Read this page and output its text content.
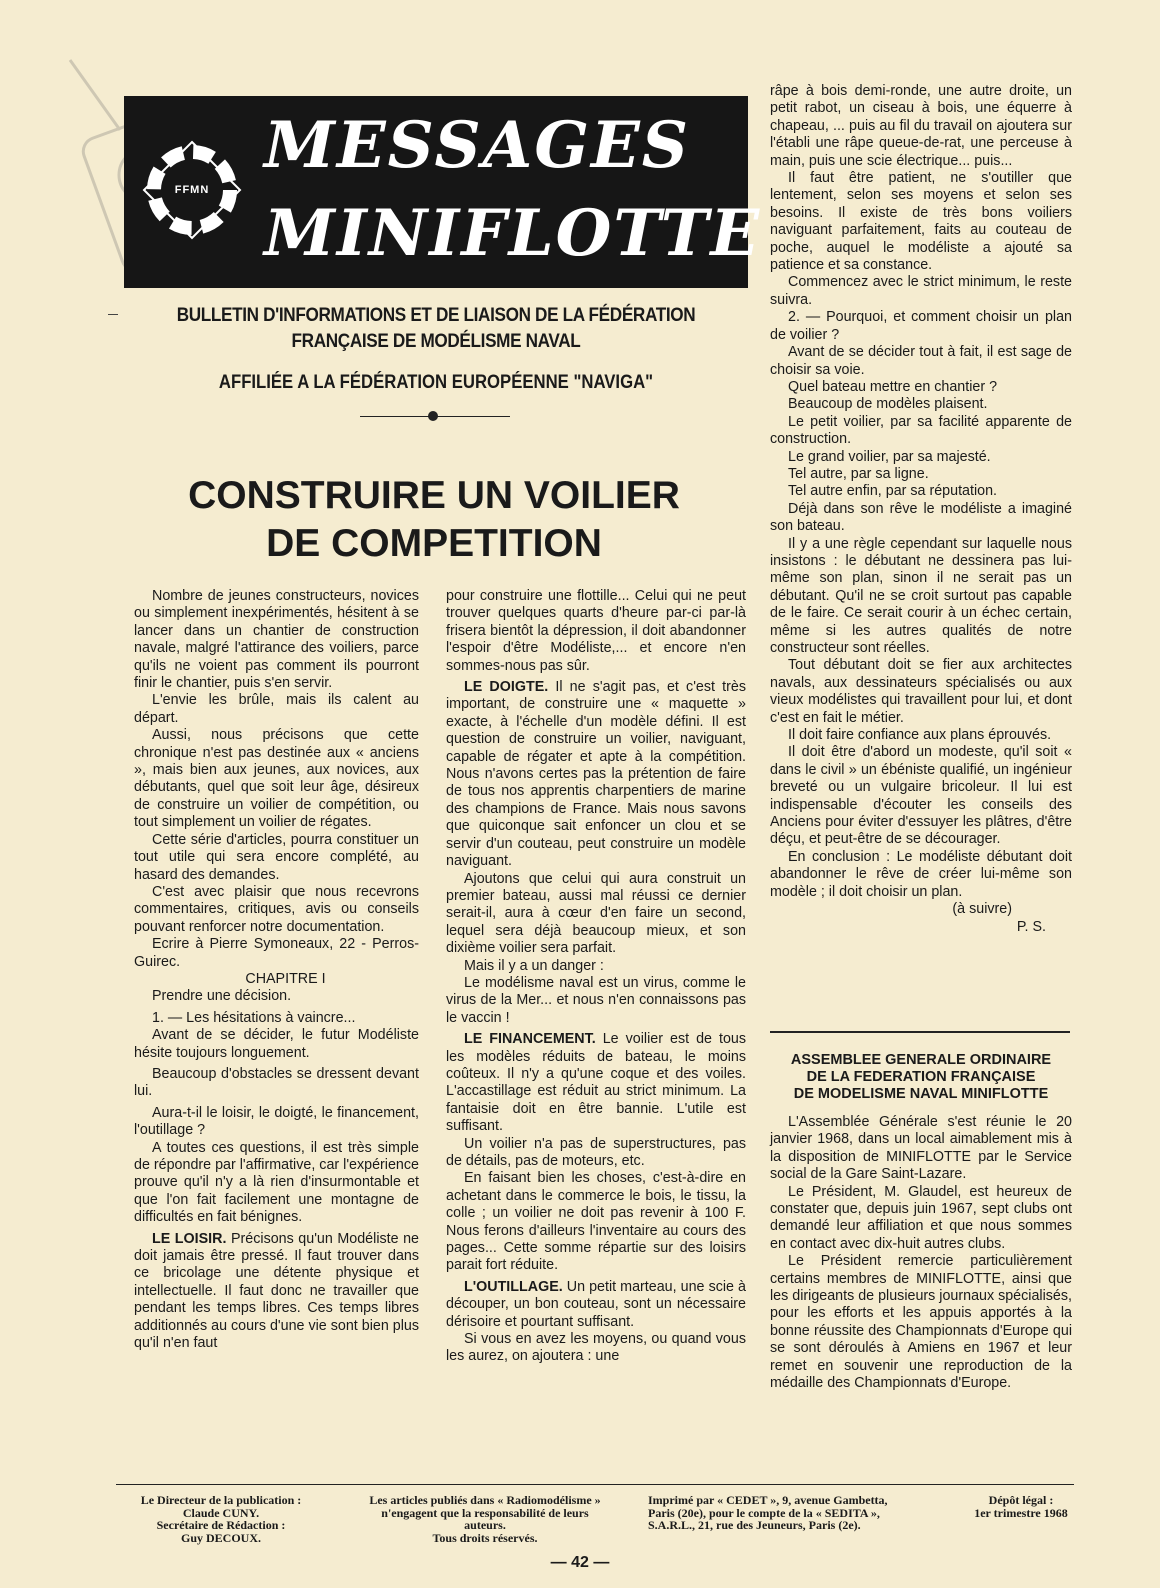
FFMN
MESSAGES
MINIFLOTTE
BULLETIN D'INFORMATIONS ET DE LIAISON DE LA FÉDÉRATION
FRANÇAISE DE MODÉLISME NAVAL
AFFILIÉE A LA FÉDÉRATION EUROPÉENNE "NAVIGA"
CONSTRUIRE UN VOILIER
DE COMPETITION

Nombre de jeunes constructeurs, novices ou simplement inexpérimentés, hésitent à se lancer dans un chantier de construction navale, malgré l'attirance des voiliers, parce qu'ils ne voient pas comment ils pourront finir le chantier, puis s'en servir.

L'envie les brûle, mais ils calent au départ.

Aussi, nous précisons que cette chronique n'est pas destinée aux « anciens », mais bien aux jeunes, aux novices, aux débutants, quel que soit leur âge, désireux de construire un voilier de compétition, ou tout simplement un voilier de régates.

Cette série d'articles, pourra constituer un tout utile qui sera encore complété, au hasard des demandes.

C'est avec plaisir que nous recevrons commentaires, critiques, avis ou conseils pouvant renforcer notre documentation.

Ecrire à Pierre Symoneaux, 22 - Perros-Guirec.

CHAPITRE I

Prendre une décision.

1. — Les hésitations à vaincre...

Avant de se décider, le futur Modéliste hésite toujours longuement.

Beaucoup d'obstacles se dressent devant lui.

Aura-t-il le loisir, le doigté, le financement, l'outillage ?

A toutes ces questions, il est très simple de répondre par l'affirmative, car l'expérience prouve qu'il n'y a là rien d'insurmontable et que l'on fait facilement une montagne de difficultés en fait bénignes.

LE LOISIR. Précisons qu'un Modéliste ne doit jamais être pressé. Il faut trouver dans ce bricolage une détente physique et intellectuelle. Il faut donc ne travailler que pendant les temps libres. Ces temps libres additionnés au cours d'une vie sont bien plus qu'il n'en faut

pour construire une flottille... Celui qui ne peut trouver quelques quarts d'heure par-ci par-là frisera bientôt la dépression, il doit abandonner l'espoir d'être Modéliste,... et encore n'en sommes-nous pas sûr.

LE DOIGTE. Il ne s'agit pas, et c'est très important, de construire une « maquette » exacte, à l'échelle d'un modèle défini. Il est question de construire un voilier, naviguant, capable de régater et apte à la compétition. Nous n'avons certes pas la prétention de faire de tous nos apprentis charpentiers de marine des champions de France. Mais nous savons que quiconque sait enfoncer un clou et se servir d'un couteau, peut construire un modèle naviguant.

Ajoutons que celui qui aura construit un premier bateau, aussi mal réussi ce dernier serait-il, aura à cœur d'en faire un second, lequel sera déjà beaucoup mieux, et son dixième voilier sera parfait.

Mais il y a un danger :

Le modélisme naval est un virus, comme le virus de la Mer... et nous n'en connaissons pas le vaccin !

LE FINANCEMENT. Le voilier est de tous les modèles réduits de bateau, le moins coûteux. Il n'y a qu'une coque et des voiles. L'accastillage est réduit au strict minimum. La fantaisie doit en être bannie. L'utile est suffisant.

Un voilier n'a pas de superstructures, pas de détails, pas de moteurs, etc.

En faisant bien les choses, c'est-à-dire en achetant dans le commerce le bois, le tissu, la colle ; un voilier ne doit pas revenir à 100 F. Nous ferons d'ailleurs l'inventaire au cours des pages... Cette somme répartie sur des loisirs parait fort réduite.

L'OUTILLAGE. Un petit marteau, une scie à découper, un bon couteau, sont un nécessaire dérisoire et pourtant suffisant.

Si vous en avez les moyens, ou quand vous les aurez, on ajoutera : une

râpe à bois demi-ronde, une autre droite, un petit rabot, un ciseau à bois, une équerre à chapeau, ... puis au fil du travail on ajoutera sur l'établi une râpe queue-de-rat, une perceuse à main, puis une scie électrique... puis...

Il faut être patient, ne s'outiller que lentement, selon ses moyens et selon ses besoins. Il existe de très bons voiliers naviguant parfaitement, faits au couteau de poche, auquel le modéliste a ajouté sa patience et sa constance.

Commencez avec le strict minimum, le reste suivra.

2. — Pourquoi, et comment choisir un plan de voilier ?

Avant de se décider tout à fait, il est sage de choisir sa voie.

Quel bateau mettre en chantier ?

Beaucoup de modèles plaisent.

Le petit voilier, par sa facilité apparente de construction.

Le grand voilier, par sa majesté.

Tel autre, par sa ligne.

Tel autre enfin, par sa réputation.

Déjà dans son rêve le modéliste a imaginé son bateau.

Il y a une règle cependant sur laquelle nous insistons : le débutant ne dessinera pas lui-même son plan, sinon il ne serait pas un débutant. Qu'il ne se croit surtout pas capable de le faire. Ce serait courir à un échec certain, même si les autres qualités de notre constructeur sont réelles.

Tout débutant doit se fier aux architectes navals, aux dessinateurs spécialisés ou aux vieux modélistes qui travaillent pour lui, et dont c'est en fait le métier.

Il doit faire confiance aux plans éprouvés.

Il doit être d'abord un modeste, qu'il soit « dans le civil » un ébéniste qualifié, un ingénieur breveté ou un vulgaire bricoleur. Il lui est indispensable d'écouter les conseils des Anciens pour éviter d'essuyer les plâtres, d'être déçu, et peut-être de se décourager.

En conclusion : Le modéliste débutant doit abandonner le rêve de créer lui-même son modèle ; il doit choisir un plan.

(à suivre)

P. S.

ASSEMBLEE GENERALE ORDINAIRE
DE LA FEDERATION FRANÇAISE
DE MODELISME NAVAL MINIFLOTTE

L'Assemblée Générale s'est réunie le 20 janvier 1968, dans un local aimablement mis à la disposition de MINIFLOTTE par le Service social de la Gare Saint-Lazare.

Le Président, M. Glaudel, est heureux de constater que, depuis juin 1967, sept clubs ont demandé leur affiliation et que nous sommes en contact avec dix-huit autres clubs.

Le Président remercie particulièrement certains membres de MINIFLOTTE, ainsi que les dirigeants de plusieurs journaux spécialisés, pour les efforts et les appuis apportés à la bonne réussite des Championnats d'Europe qui se sont déroulés à Amiens en 1967 et leur remet en souvenir une reproduction de la médaille des Championnats d'Europe.

Le Directeur de la publication :
Claude CUNY.
Secrétaire de Rédaction :
Guy DECOUX.
Les articles publiés dans « Radiomodélisme »
n'engagent que la responsabilité de leurs
auteurs.
Tous droits réservés.
Imprimé par « CEDET », 9, avenue Gambetta,
Paris (20e), pour le compte de la « SEDITA »,
S.A.R.L., 21, rue des Jeuneurs, Paris (2e).
Dépôt légal :
1er trimestre 1968
— 42 —
